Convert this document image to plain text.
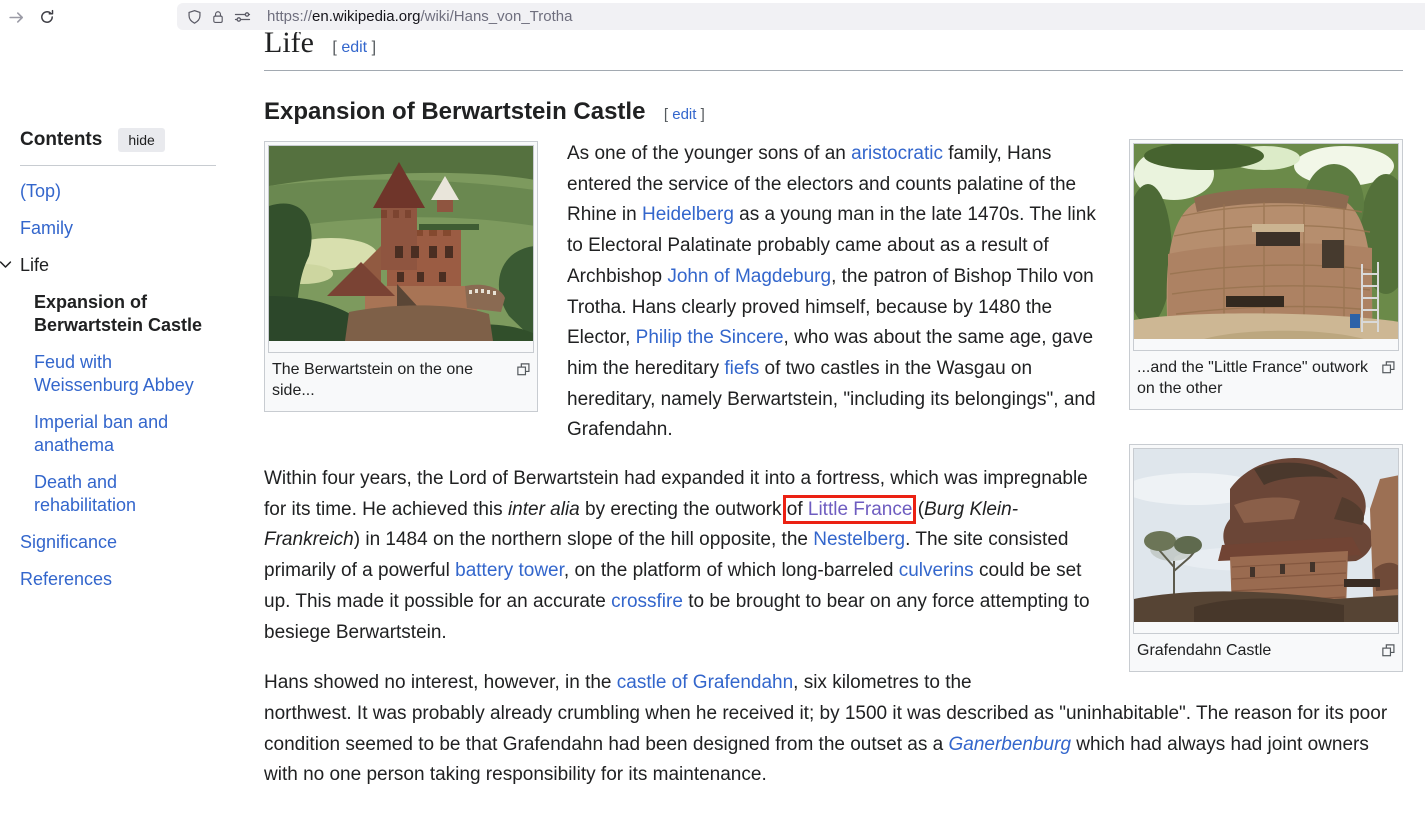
https://en.wikipedia.org/wiki/Hans_von_Trotha
Contents	hide
(Top)
Family
Life
Expansion of Berwartstein Castle
Feud with Weissenburg Abbey
Imperial ban and anathema
Death and rehabilitation
Significance
References
Life [ edit ]
Expansion of Berwartstein Castle [ edit ]
...and the "Little France" outwork on the other
The Berwartstein on the one side...

As one of the younger sons of an aristocratic family, Hans entered the service of the electors and counts palatine of the Rhine in Heidelberg as a young man in the late 1470s. The link to Electoral Palatinate probably came about as a result of Archbishop John of Magdeburg, the patron of Bishop Thilo von Trotha. Hans clearly proved himself, because by 1480 the Elector, Philip the Sincere, who was about the same age, gave him the hereditary fiefs of two castles in the Wasgau on hereditary, namely Berwartstein, "including its belongings", and Grafendahn.

Grafendahn Castle

Within four years, the Lord of Berwartstein had expanded it into a fortress, which was impregnable for its time. He achieved this inter alia by erecting the outwork of Little France (Burg Klein-Frankreich) in 1484 on the northern slope of the hill opposite, the Nestelberg. The site consisted primarily of a powerful battery tower, on the platform of which long-barreled culverins could be set up. This made it possible for an accurate crossfire to be brought to bear on any force attempting to besiege Berwartstein.

Hans showed no interest, however, in the castle of Grafendahn, six kilometres to the
northwest. It was probably already crumbling when he received it; by 1500 it was described as "uninhabitable". The reason for its poor condition seemed to be that Grafendahn had been designed from the outset as a Ganerbenburg which had always had joint owners with no one person taking responsibility for its maintenance.
